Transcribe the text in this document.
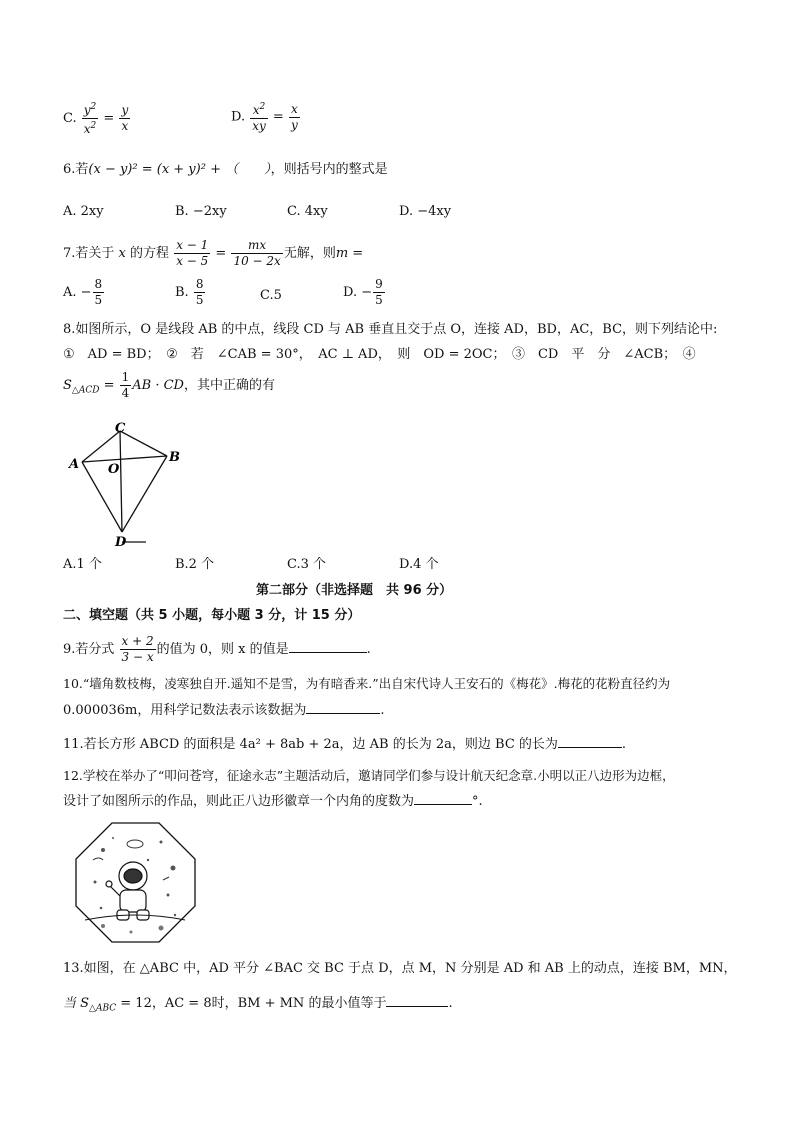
C. $\frac{y^2}{x^2} = \frac{y}{x}$	D. $\frac{x^2}{xy} = \frac{x}{y}$
6.若(x − y)² = (x + y)² + （　　），则括号内的整式是
A. 2xy	B. −2xy	C. 4xy	D. −4xy
7.若关于 x 的方程 $\frac{x - 1}{x - 5} = \frac{mx}{10 - 2x}$ 无解，则m =
A. − $\frac{8}{5}$	B. $\frac{8}{5}$	C.5	D. − $\frac{9}{5}$
8.如图所示，O 是线段 AB 的中点，线段 CD 与 AB 垂直且交于点 O，连接 AD，BD，AC，BC，则下列结论中:
①　AD = BD；　②　若　∠CAB = 30°，　AC ⊥ AD，　则　OD = 2OC；　③　CD　平　分　∠ACB；　④
$S_{\triangle ACD} = \frac{1}{4}$ AB · CD，其中正确的有
C
A	B
O
D
A.1 个	B.2 个	C.3 个	D.4 个
第二部分（非选择题　共 96 分）
二、填空题（共 5 小题，每小题 3 分，计 15 分）
9.若分式 $\frac{x + 2}{3 - x}$ 的值为 0，则 x 的值是	.
10.“墙角数枝梅，凌寒独自开.遥知不是雪，为有暗香来.”出自宋代诗人王安石的《梅花》.梅花的花粉直径约为
0.000036m，用科学记数法表示该数据为	.
11.若长方形 ABCD 的面积是 4a² + 8ab + 2a，边 AB 的长为 2a，则边 BC 的长为	.
12.学校在举办了“叩问苍穹，征途永志”主题活动后，邀请同学们参与设计航天纪念章.小明以正八边形为边框，
设计了如图所示的作品，则此正八边形徽章一个内角的度数为	°.
13.如图，在 △ABC 中，AD 平分 ∠BAC 交 BC 于点 D，点 M，N 分别是 AD 和 AB 上的动点，连接 BM，MN，
当 $S_{\triangle ABC} = 12$，AC = 8时，BM + MN 的最小值等于	.
